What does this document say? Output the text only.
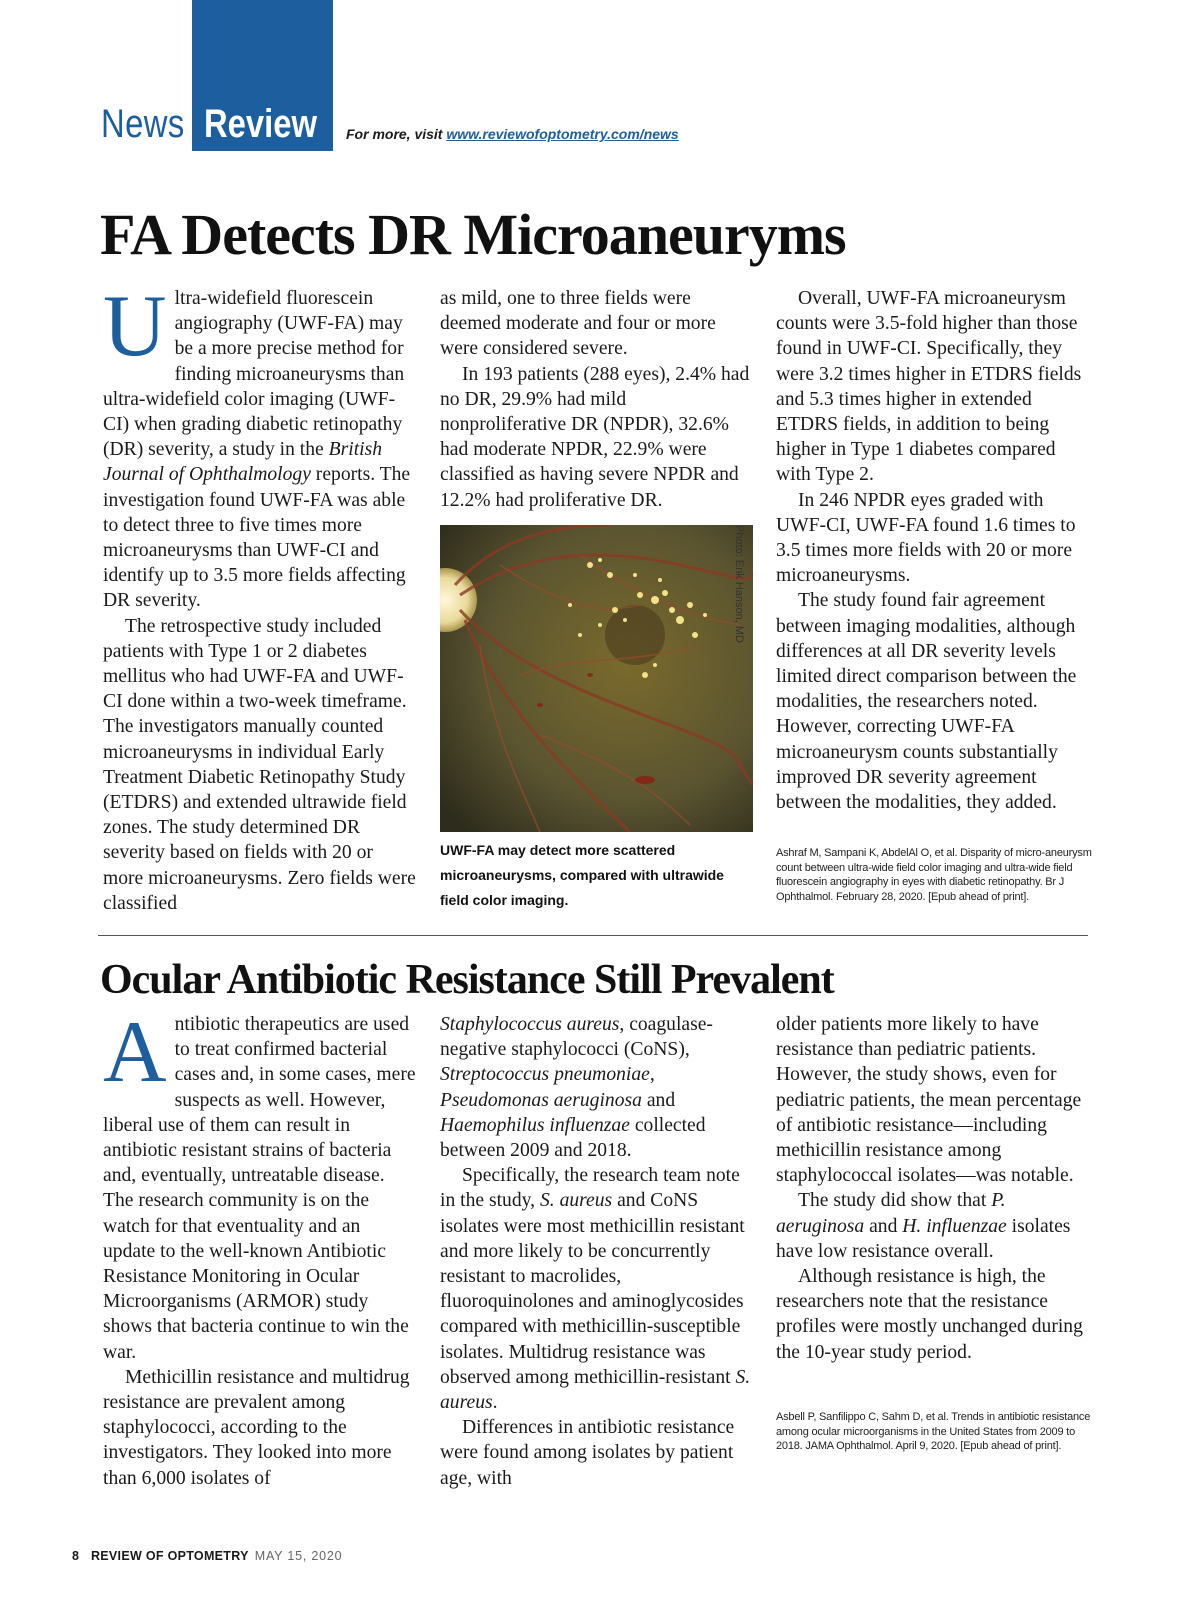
News Review For more, visit www.reviewofoptometry.com/news
FA Detects DR Microaneuryms

Ultra-widefield fluorescein angiography (UWF-FA) may be a more precise method for finding microaneurysms than ultra-widefield color imaging (UWF-CI) when grading diabetic retinopathy (DR) severity, a study in the British Journal of Ophthalmology reports. The investigation found UWF-FA was able to detect three to five times more microaneurysms than UWF-CI and identify up to 3.5 more fields affecting DR severity.

The retrospective study included patients with Type 1 or 2 diabetes mellitus who had UWF-FA and UWF-CI done within a two-week timeframe. The investigators manually counted microaneurysms in individual Early Treatment Diabetic Retinopathy Study (ETDRS) and extended ultrawide field zones. The study determined DR severity based on fields with 20 or more microaneurysms. Zero fields were classified

as mild, one to three fields were deemed moderate and four or more were considered severe.

In 193 patients (288 eyes), 2.4% had no DR, 29.9% had mild nonproliferative DR (NPDR), 32.6% had moderate NPDR, 22.9% were classified as having severe NPDR and 12.2% had proliferative DR.

Photo: Erik Hanson, MD
UWF-FA may detect more scattered microaneurysms, compared with ultrawide field color imaging.

Overall, UWF-FA microaneurysm counts were 3.5-fold higher than those found in UWF-CI. Specifically, they were 3.2 times higher in ETDRS fields and 5.3 times higher in extended ETDRS fields, in addition to being higher in Type 1 diabetes compared with Type 2.

In 246 NPDR eyes graded with UWF-CI, UWF-FA found 1.6 times to 3.5 times more fields with 20 or more microaneurysms.

The study found fair agreement between imaging modalities, although differences at all DR severity levels limited direct comparison between the modalities, the researchers noted. However, correcting UWF-FA microaneurysm counts substantially improved DR severity agreement between the modalities, they added.

Ashraf M, Sampani K, AbdelAl O, et al. Disparity of micro-aneurysm count between ultra-wide field color imaging and ultra-wide field fluorescein angiography in eyes with diabetic retinopathy. Br J Ophthalmol. February 28, 2020. [Epub ahead of print].
Ocular Antibiotic Resistance Still Prevalent

Antibiotic therapeutics are used to treat confirmed bacterial cases and, in some cases, mere suspects as well. However, liberal use of them can result in antibiotic resistant strains of bacteria and, eventually, untreatable disease. The research community is on the watch for that eventuality and an update to the well-known Antibiotic Resistance Monitoring in Ocular Microorganisms (ARMOR) study shows that bacteria continue to win the war.

Methicillin resistance and multidrug resistance are prevalent among staphylococci, according to the investigators. They looked into more than 6,000 isolates of

Staphylococcus aureus, coagulase-negative staphylococci (CoNS), Streptococcus pneumoniae, Pseudomonas aeruginosa and Haemophilus influenzae collected between 2009 and 2018.

Specifically, the research team note in the study, S. aureus and CoNS isolates were most methicillin resistant and more likely to be concurrently resistant to macrolides, fluoroquinolones and aminoglycosides compared with methicillin-susceptible isolates. Multidrug resistance was observed among methicillin-resistant S. aureus.

Differences in antibiotic resistance were found among isolates by patient age, with

older patients more likely to have resistance than pediatric patients. However, the study shows, even for pediatric patients, the mean percentage of antibiotic resistance—including methicillin resistance among staphylococcal isolates—was notable.

The study did show that P. aeruginosa and H. influenzae isolates have low resistance overall.

Although resistance is high, the researchers note that the resistance profiles were mostly unchanged during the 10-year study period.

Asbell P, Sanfilippo C, Sahm D, et al. Trends in antibiotic resistance among ocular microorganisms in the United States from 2009 to 2018. JAMA Ophthalmol. April 9, 2020. [Epub ahead of print].
8 REVIEW OF OPTOMETRY MAY 15, 2020
